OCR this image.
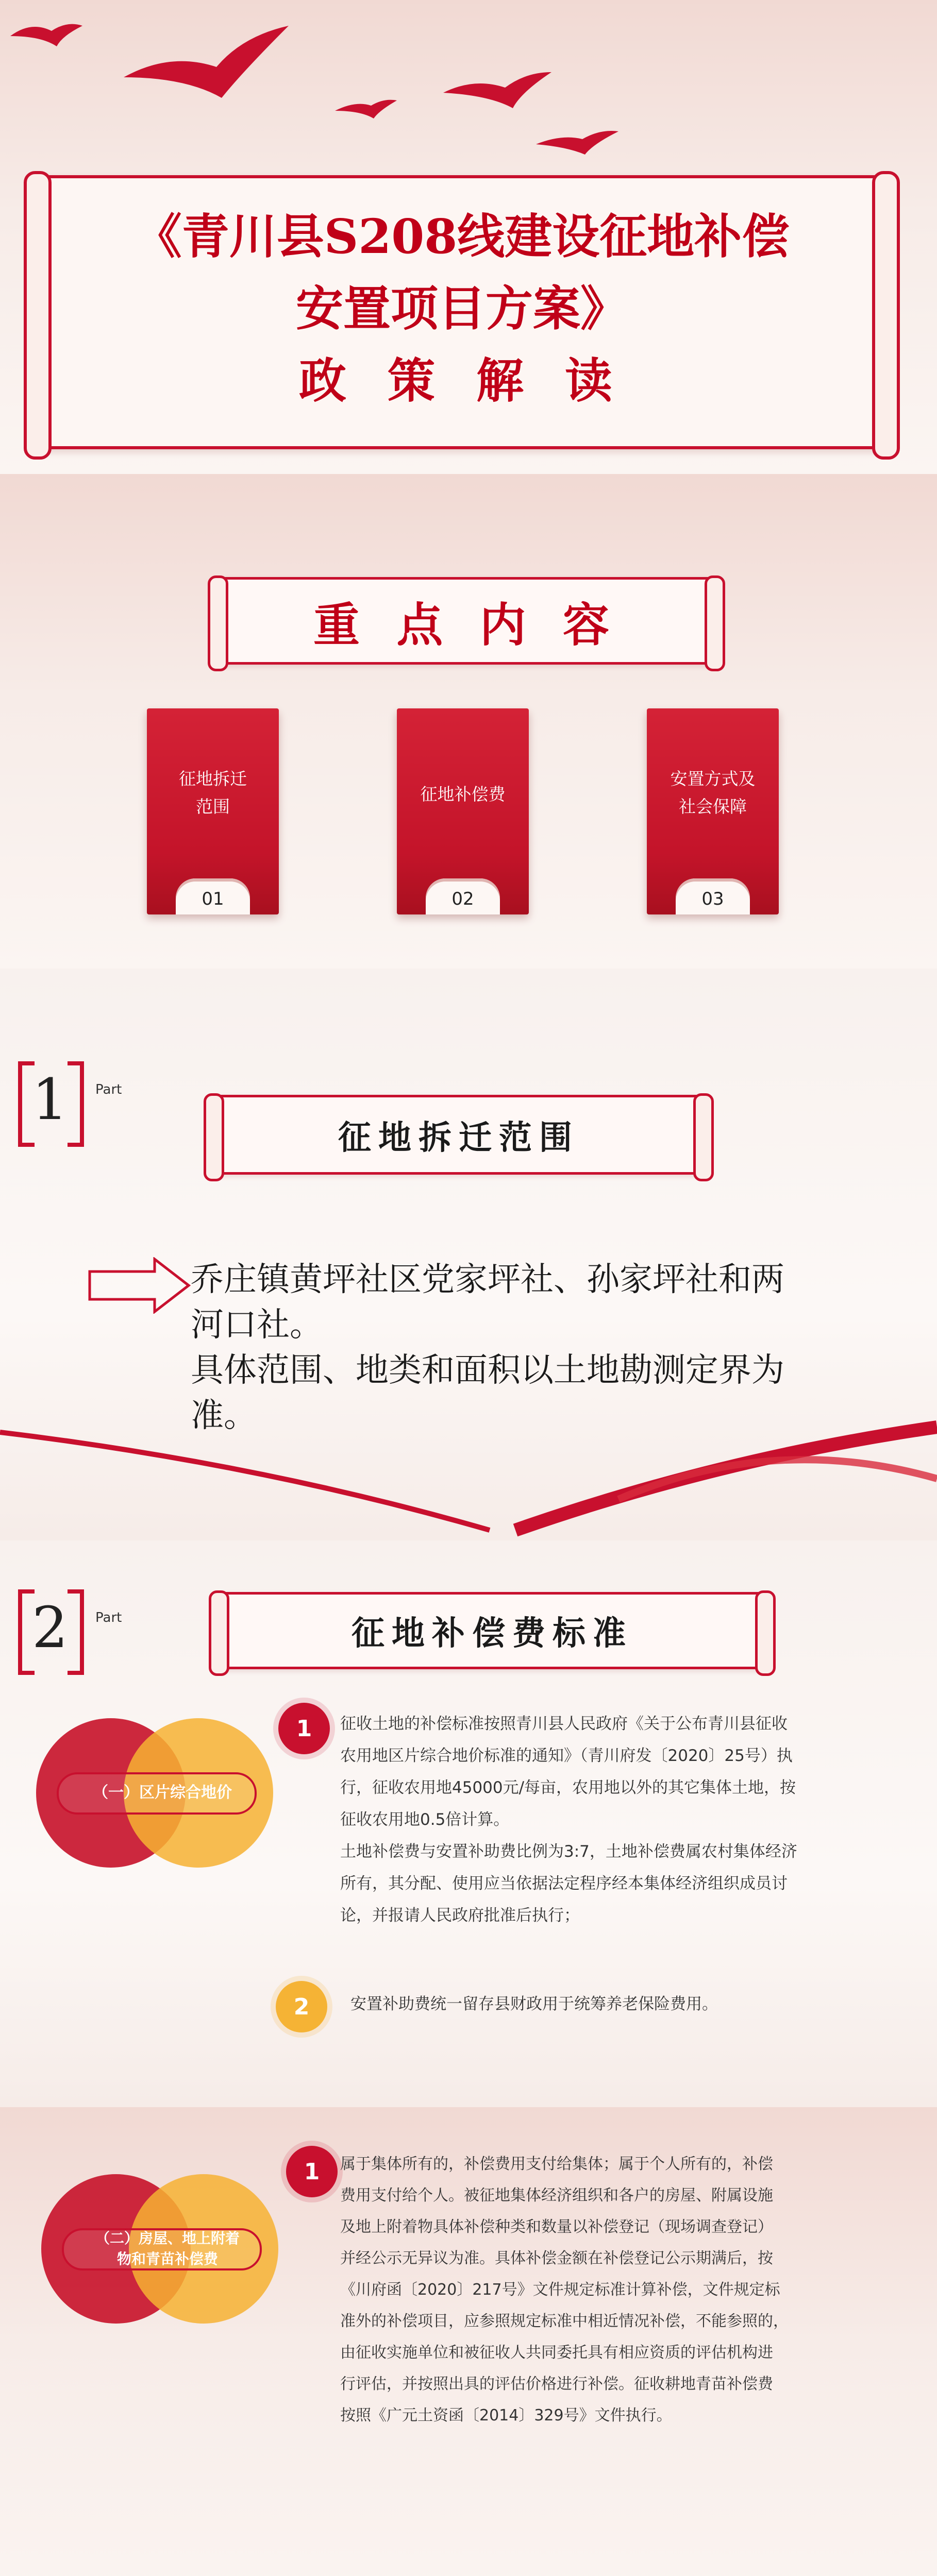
《青川县S208线建设征地补偿
安置项目方案》
政 策 解 读
重 点 内 容
征地拆迁
范围
01
征地补偿费
02
安置方式及
社会保障
03
1 Part
征地拆迁范围
乔庄镇黄坪社区党家坪社、孙家坪社和两
河口社。
具体范围、地类和面积以土地勘测定界为
准。
2 Part	征地补偿费标准
（一）区片综合地价
1	征收土地的补偿标准按照青川县人民政府《关于公布青川县征收
农用地区片综合地价标准的通知》（青川府发〔2020〕25号）执
行，征收农用地45000元/每亩，农用地以外的其它集体土地，按
征收农用地0.5倍计算。
土地补偿费与安置补助费比例为3:7，土地补偿费属农村集体经济
所有，其分配、使用应当依据法定程序经本集体经济组织成员讨
论，并报请人民政府批准后执行；
2	安置补助费统一留存县财政用于统筹养老保险费用。
（二）房屋、地上附着
物和青苗补偿费
1	属于集体所有的，补偿费用支付给集体；属于个人所有的，补偿
费用支付给个人。被征地集体经济组织和各户的房屋、附属设施
及地上附着物具体补偿种类和数量以补偿登记（现场调查登记）
并经公示无异议为准。具体补偿金额在补偿登记公示期满后，按
《川府函〔2020〕217号》文件规定标准计算补偿，文件规定标
准外的补偿项目，应参照规定标准中相近情况补偿，不能参照的，
由征收实施单位和被征收人共同委托具有相应资质的评估机构进
行评估，并按照出具的评估价格进行补偿。征收耕地青苗补偿费
按照《广元土资函〔2014〕329号》文件执行。
